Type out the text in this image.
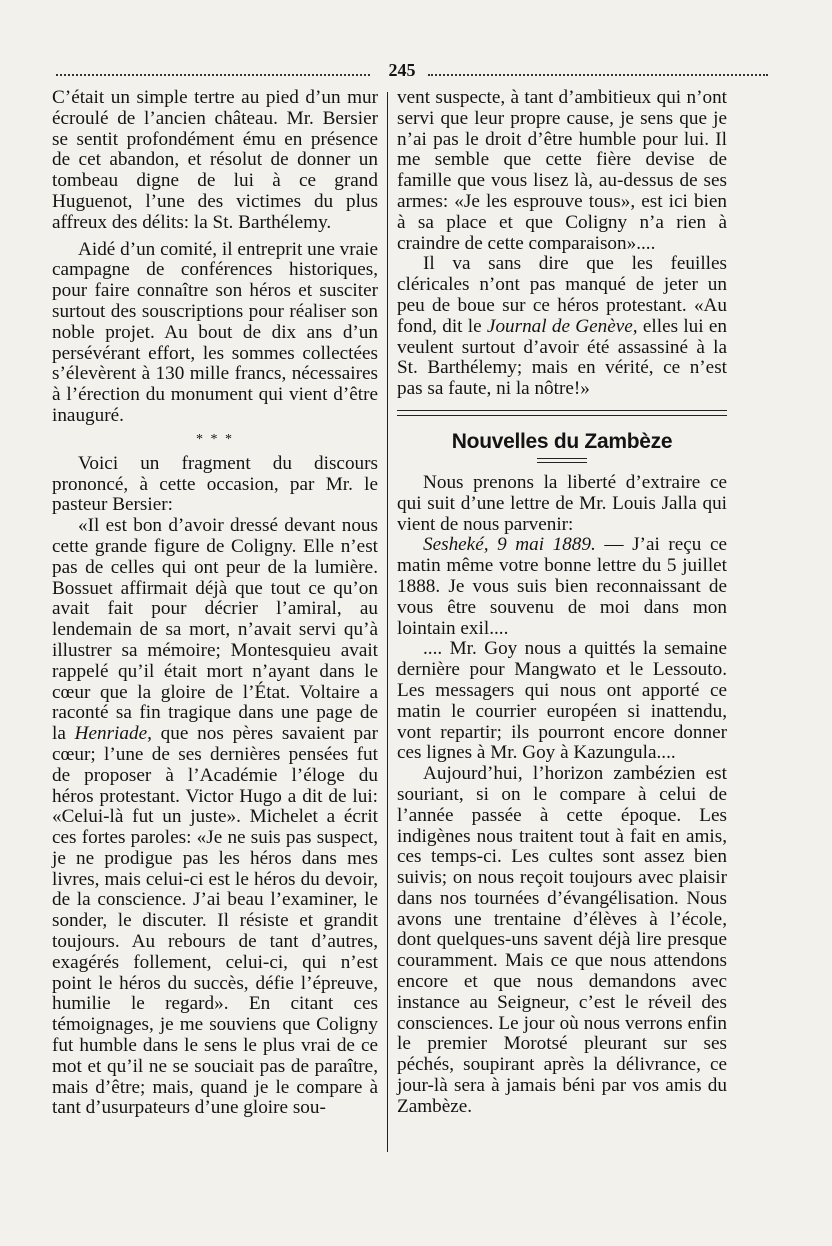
245

C’était un simple tertre au pied d’un mur écroulé de l’ancien château. Mr. Bersier se sentit profondément ému en présence de cet abandon, et résolut de donner un tombeau digne de lui à ce grand Huguenot, l’une des victimes du plus affreux des délits: la St. Barthélemy.

Aidé d’un comité, il entreprit une vraie campagne de conférences historiques, pour faire connaître son héros et susciter surtout des souscriptions pour réaliser son noble projet. Au bout de dix ans d’un persévérant effort, les sommes collectées s’élevèrent à 130 mille francs, nécessaires à l’érection du monument qui vient d’être inauguré.

* * *

Voici un fragment du discours prononcé, à cette occasion, par Mr. le pasteur Bersier:

«Il est bon d’avoir dressé devant nous cette grande figure de Coligny. Elle n’est pas de celles qui ont peur de la lumière. Bossuet affirmait déjà que tout ce qu’on avait fait pour décrier l’amiral, au lendemain de sa mort, n’avait servi qu’à illustrer sa mémoire; Montesquieu avait rappelé qu’il était mort n’ayant dans le cœur que la gloire de l’État. Voltaire a raconté sa fin tragique dans une page de la Henriade, que nos pères savaient par cœur; l’une de ses dernières pensées fut de proposer à l’Académie l’éloge du héros protestant. Victor Hugo a dit de lui: «Celui-là fut un juste». Michelet a écrit ces fortes paroles: «Je ne suis pas suspect, je ne prodigue pas les héros dans mes livres, mais celui-ci est le héros du devoir, de la conscience. J’ai beau l’examiner, le sonder, le discuter. Il résiste et grandit toujours. Au rebours de tant d’autres, exagérés follement, celui-ci, qui n’est point le héros du succès, défie l’épreuve, humilie le regard». En citant ces témoignages, je me souviens que Coligny fut humble dans le sens le plus vrai de ce mot et qu’il ne se souciait pas de paraître, mais d’être; mais, quand je le compare à tant d’usurpateurs d’une gloire sou-

vent suspecte, à tant d’ambitieux qui n’ont servi que leur propre cause, je sens que je n’ai pas le droit d’être humble pour lui. Il me semble que cette fière devise de famille que vous lisez là, au-dessus de ses armes: «Je les esprouve tous», est ici bien à sa place et que Coligny n’a rien à craindre de cette comparaison»....

Il va sans dire que les feuilles cléricales n’ont pas manqué de jeter un peu de boue sur ce héros protestant. «Au fond, dit le Journal de Genève, elles lui en veulent surtout d’avoir été assassiné à la St. Barthélemy; mais en vérité, ce n’est pas sa faute, ni la nôtre!»

Nouvelles du Zambèze

Nous prenons la liberté d’extraire ce qui suit d’une lettre de Mr. Louis Jalla qui vient de nous parvenir:

Sesheké, 9 mai 1889. — J’ai reçu ce matin même votre bonne lettre du 5 juillet 1888. Je vous suis bien reconnaissant de vous être souvenu de moi dans mon lointain exil....

.... Mr. Goy nous a quittés la semaine dernière pour Mangwato et le Lessouto. Les messagers qui nous ont apporté ce matin le courrier européen si inattendu, vont repartir; ils pourront encore donner ces lignes à Mr. Goy à Kazungula....

Aujourd’hui, l’horizon zambézien est souriant, si on le compare à celui de l’année passée à cette époque. Les indigènes nous traitent tout à fait en amis, ces temps-ci. Les cultes sont assez bien suivis; on nous reçoit toujours avec plaisir dans nos tournées d’évangélisation. Nous avons une trentaine d’élèves à l’école, dont quelques-uns savent déjà lire presque couramment. Mais ce que nous attendons encore et que nous demandons avec instance au Seigneur, c’est le réveil des consciences. Le jour où nous verrons enfin le premier Morotsé pleurant sur ses péchés, soupirant après la délivrance, ce jour-là sera à jamais béni par vos amis du Zambèze.
